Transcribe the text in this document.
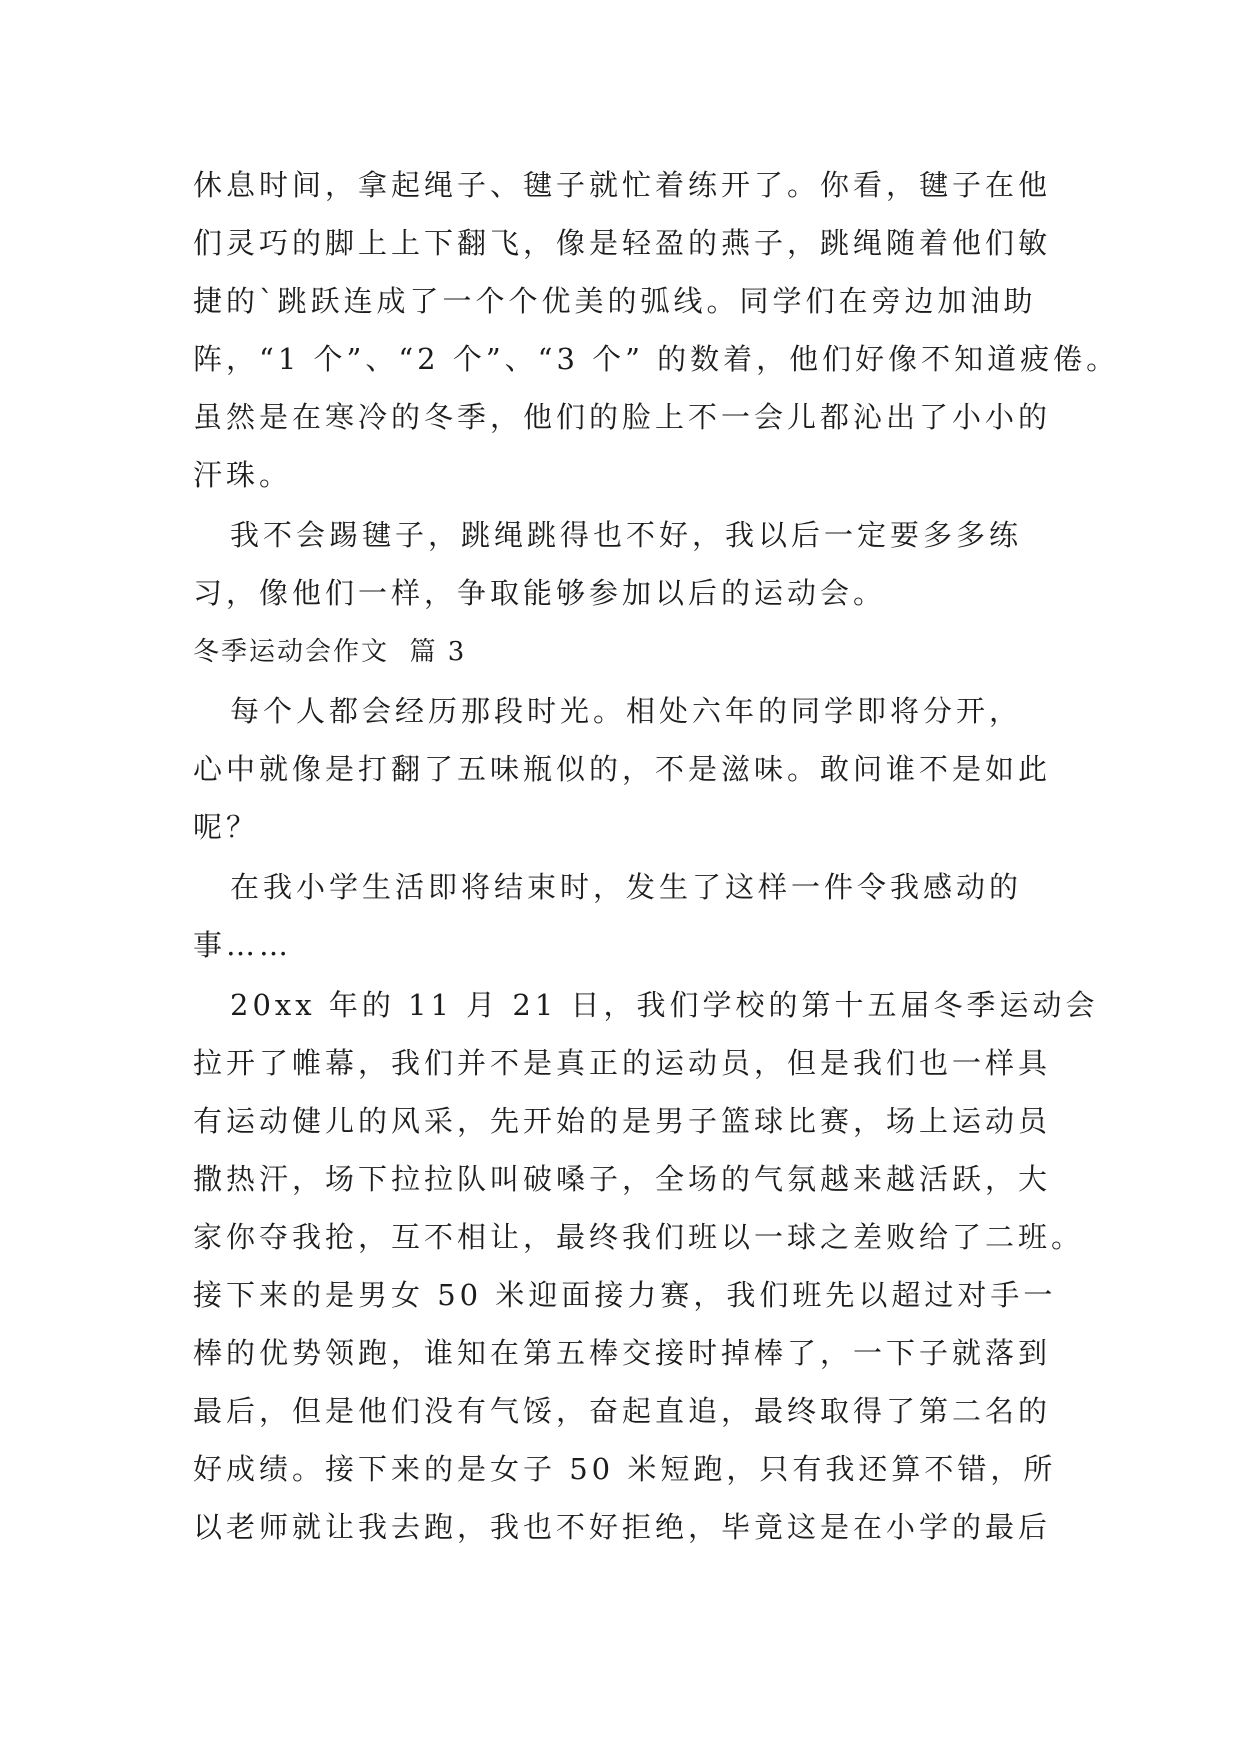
休息时间，拿起绳子、毽子就忙着练开了。你看，毽子在他
们灵巧的脚上上下翻飞，像是轻盈的燕子，跳绳随着他们敏
捷的`跳跃连成了一个个优美的弧线。同学们在旁边加油助
阵，“1 个”、“2 个”、“3 个” 的数着，他们好像不知道疲倦。
虽然是在寒冷的冬季，他们的脸上不一会儿都沁出了小小的
汗珠。
我不会踢毽子，跳绳跳得也不好，我以后一定要多多练
习，像他们一样，争取能够参加以后的运动会。
冬季运动会作文  篇 3
每个人都会经历那段时光。相处六年的同学即将分开，
心中就像是打翻了五味瓶似的，不是滋味。敢问谁不是如此
呢？
在我小学生活即将结束时，发生了这样一件令我感动的
事……
20xx 年的 11 月 21 日，我们学校的第十五届冬季运动会
拉开了帷幕，我们并不是真正的运动员，但是我们也一样具
有运动健儿的风采，先开始的是男子篮球比赛，场上运动员
撒热汗，场下拉拉队叫破嗓子，全场的气氛越来越活跃，大
家你夺我抢，互不相让，最终我们班以一球之差败给了二班。
接下来的是男女 50 米迎面接力赛，我们班先以超过对手一
棒的优势领跑，谁知在第五棒交接时掉棒了，一下子就落到
最后，但是他们没有气馁，奋起直追，最终取得了第二名的
好成绩。接下来的是女子 50 米短跑，只有我还算不错，所
以老师就让我去跑，我也不好拒绝，毕竟这是在小学的最后
